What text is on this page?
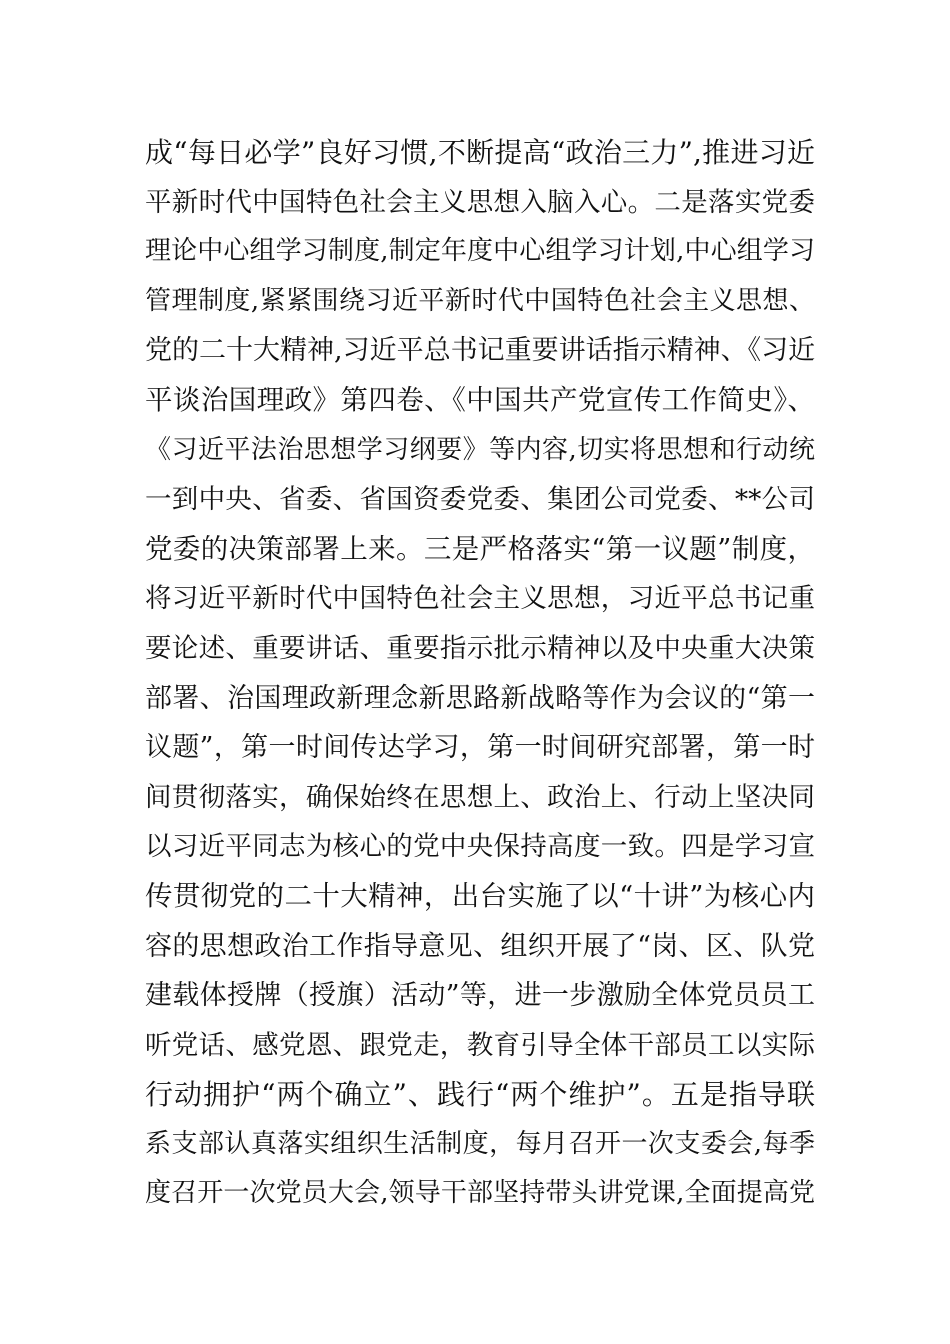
成“每日必学”良好习惯,不断提高“政治三力”,推进习近
平新时代中国特色社会主义思想入脑入心。二是落实党委
理论中心组学习制度,制定年度中心组学习计划,中心组学习
管理制度,紧紧围绕习近平新时代中国特色社会主义思想、
党的二十大精神,习近平总书记重要讲话指示精神、《习近
平谈治国理政》第四卷、《中国共产党宣传工作简史》、
《习近平法治思想学习纲要》等内容,切实将思想和行动统
一到中央、省委、省国资委党委、集团公司党委、**公司
党委的决策部署上来。三是严格落实“第一议题”制度，
将习近平新时代中国特色社会主义思想，习近平总书记重
要论述、重要讲话、重要指示批示精神以及中央重大决策
部署、治国理政新理念新思路新战略等作为会议的“第一
议题”，第一时间传达学习，第一时间研究部署，第一时
间贯彻落实，确保始终在思想上、政治上、行动上坚决同
以习近平同志为核心的党中央保持高度一致。四是学习宣
传贯彻党的二十大精神，出台实施了以“十讲”为核心内
容的思想政治工作指导意见、组织开展了“岗、区、队党
建载体授牌（授旗）活动”等，进一步激励全体党员员工
听党话、感党恩、跟党走，教育引导全体干部员工以实际
行动拥护“两个确立”、践行“两个维护”。五是指导联
系支部认真落实组织生活制度，每月召开一次支委会,每季
度召开一次党员大会,领导干部坚持带头讲党课,全面提高党
